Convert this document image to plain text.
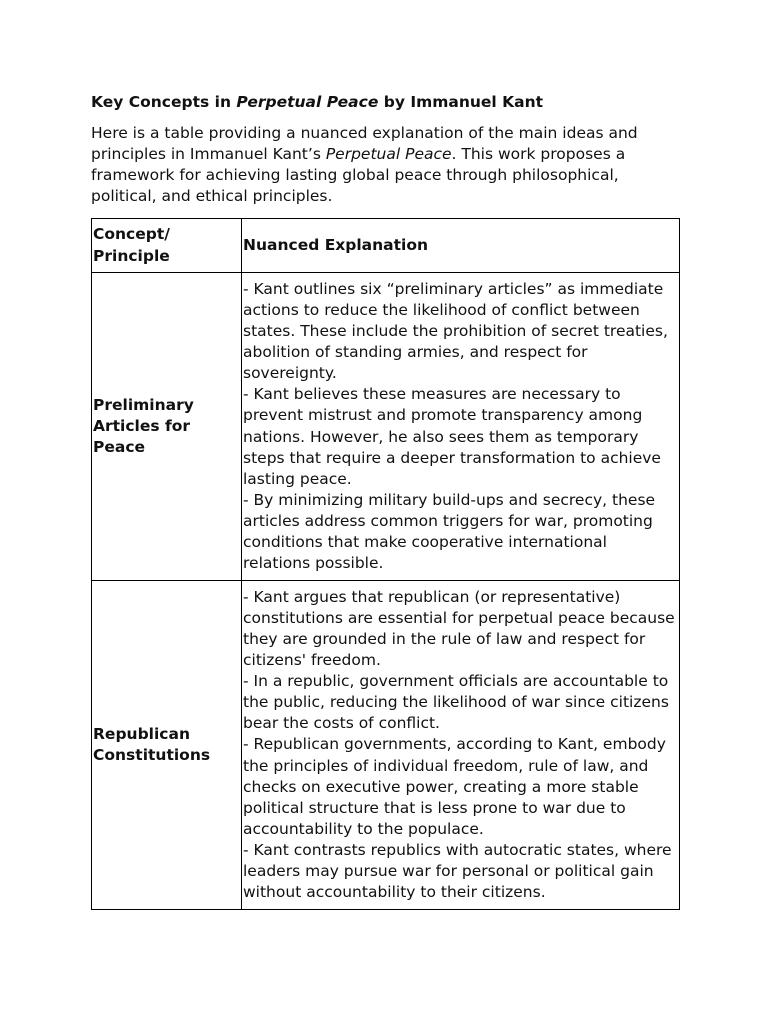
Key Concepts in Perpetual Peace by Immanuel Kant

Here is a table providing a nuanced explanation of the main ideas and principles in Immanuel Kant’s Perpetual Peace. This work proposes a framework for achieving lasting global peace through philosophical, political, and ethical principles.

Concept/ Principle	Nuanced Explanation
Preliminary Articles for Peace	- Kant outlines six “preliminary articles” as immediate actions to reduce the likelihood of conflict between states. These include the prohibition of secret treaties, abolition of standing armies, and respect for sovereignty.
- Kant believes these measures are necessary to prevent mistrust and promote transparency among nations. However, he also sees them as temporary steps that require a deeper transformation to achieve lasting peace.
- By minimizing military build-ups and secrecy, these articles address common triggers for war, promoting conditions that make cooperative international relations possible.

Republican Constitutions	- Kant argues that republican (or representative) constitutions are essential for perpetual peace because they are grounded in the rule of law and respect for citizens' freedom.
- In a republic, government officials are accountable to the public, reducing the likelihood of war since citizens bear the costs of conflict.
- Republican governments, according to Kant, embody the principles of individual freedom, rule of law, and checks on executive power, creating a more stable political structure that is less prone to war due to accountability to the populace.
- Kant contrasts republics with autocratic states, where leaders may pursue war for personal or political gain without accountability to their citizens.
